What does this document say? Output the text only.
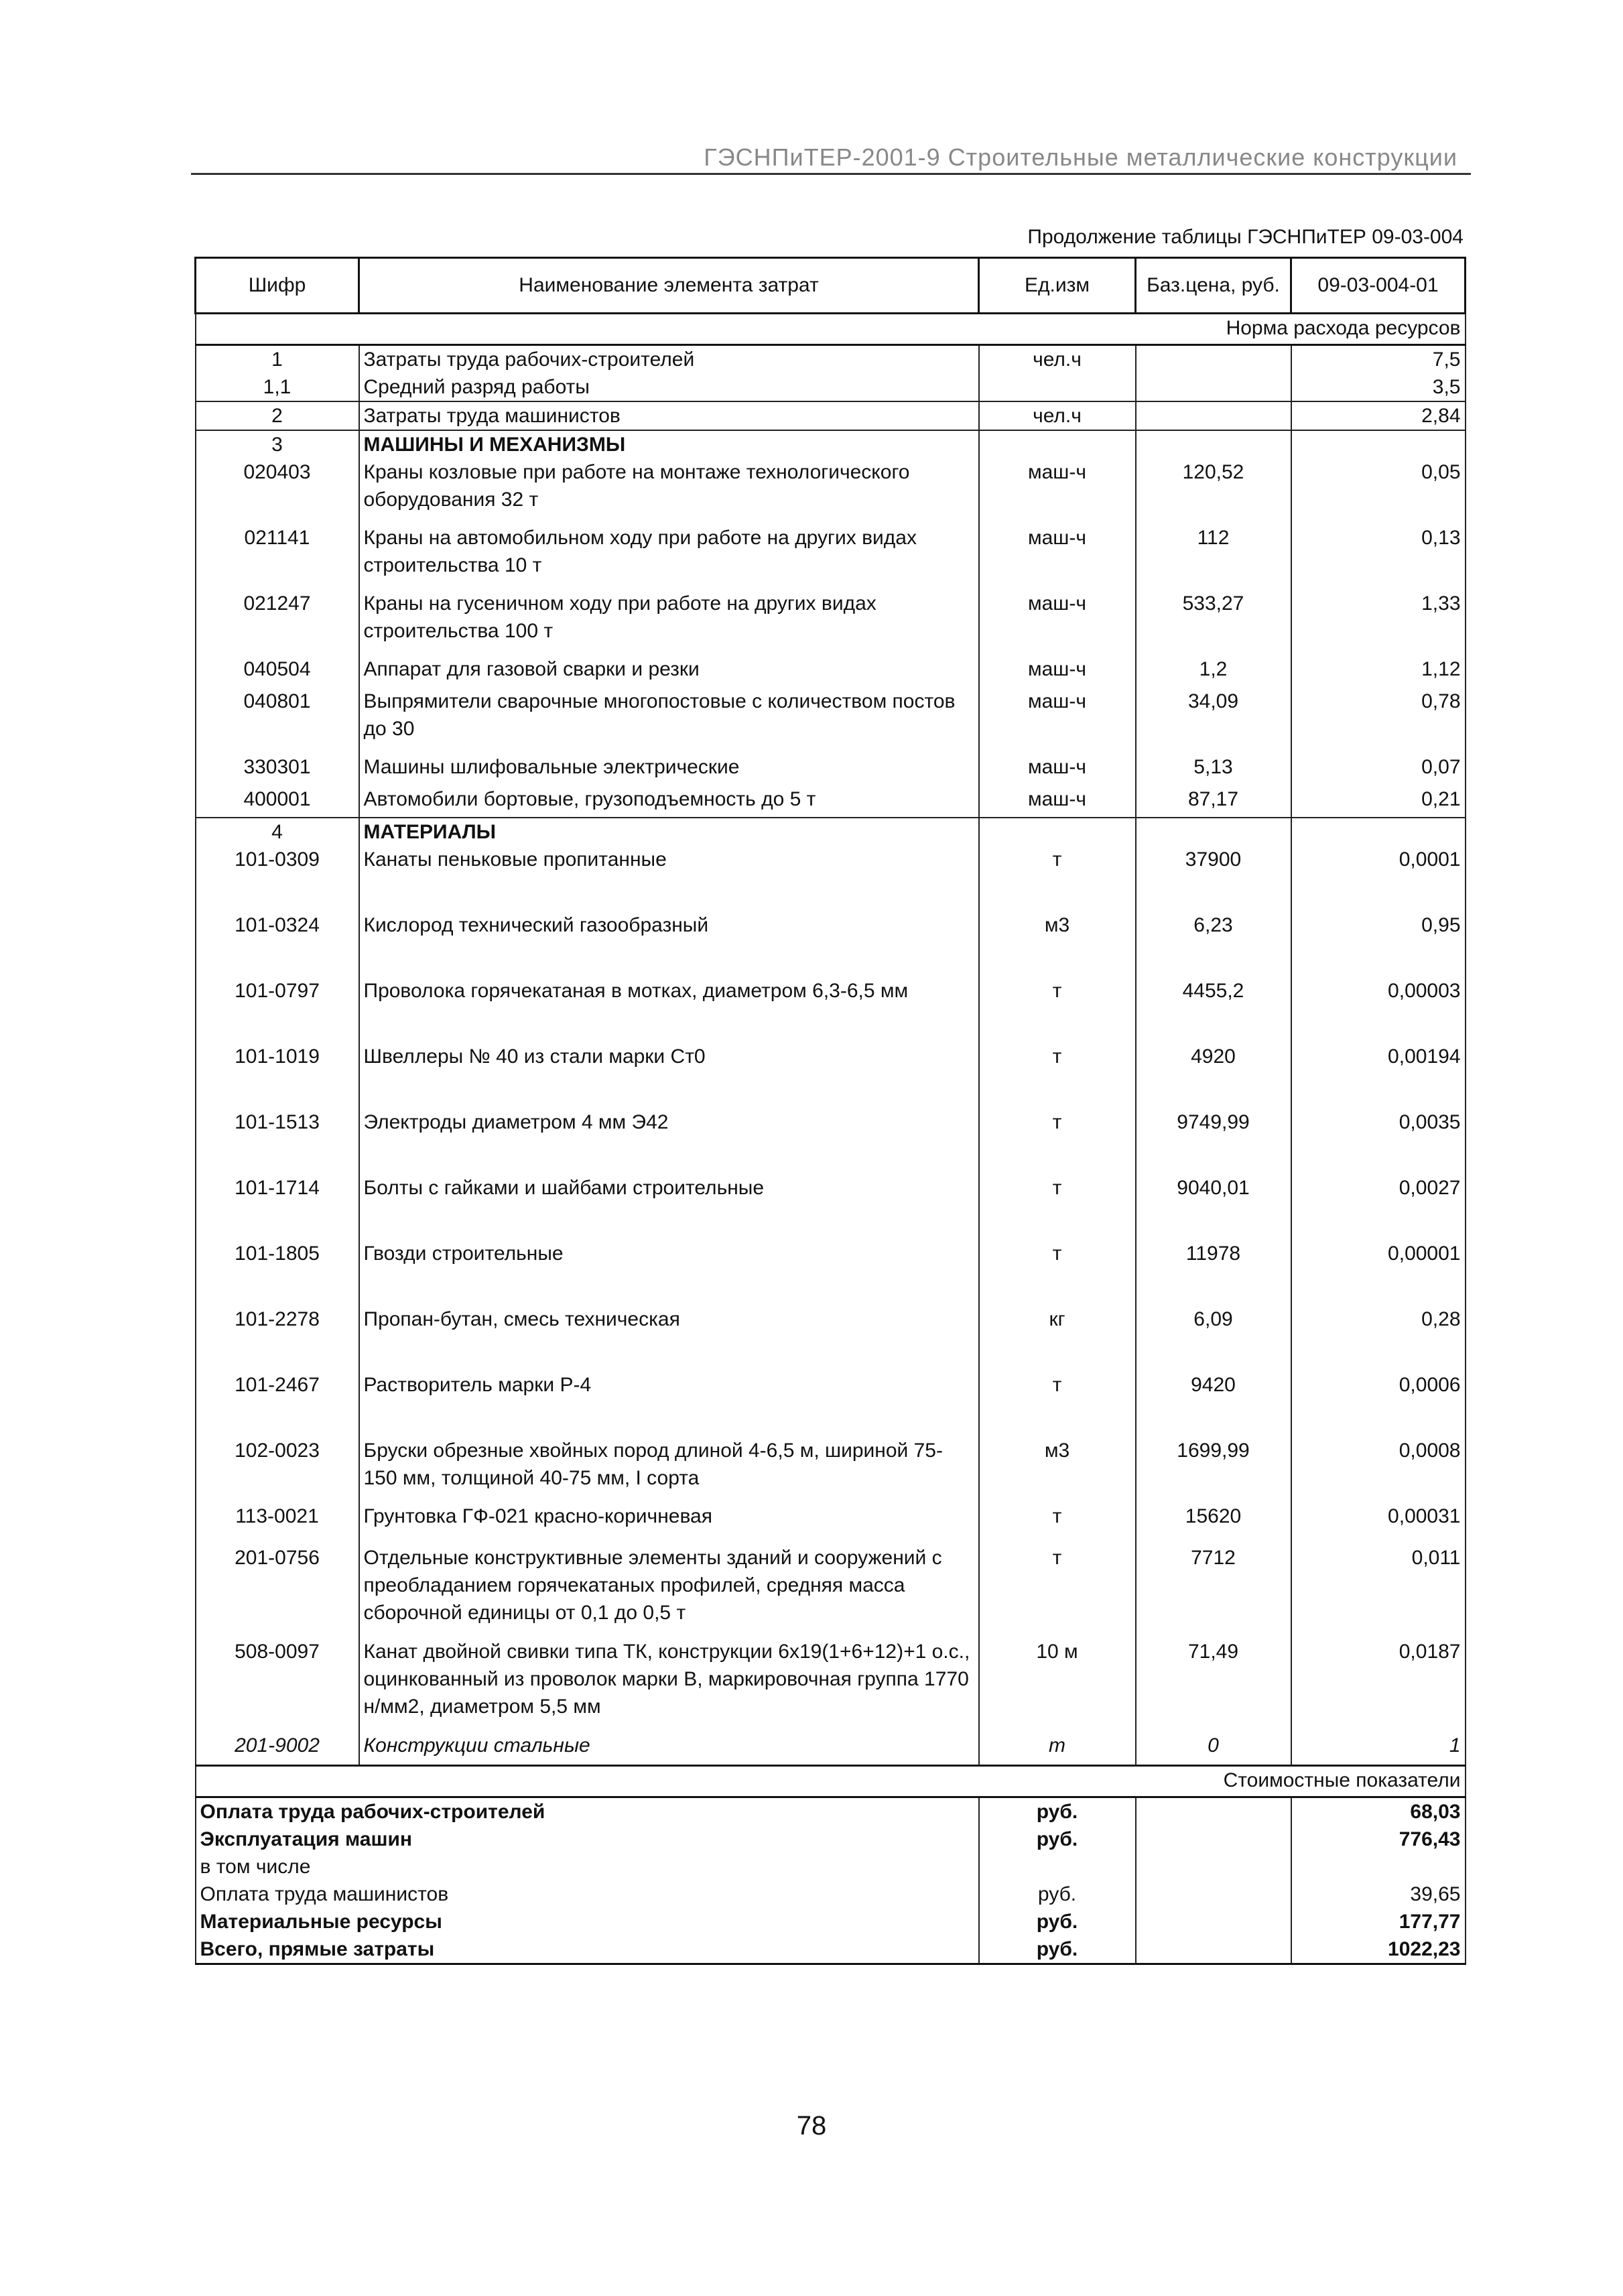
ГЭСНПиТЕР-2001-9 Строительные металлические конструкции
Продолжение таблицы ГЭСНПиТЕР 09-03-004
Шифр	Наименование элемента затрат	Ед.изм	Баз.цена, руб.	09-03-004-01
Норма расхода ресурсов				
1	Затраты труда рабочих-строителей	чел.ч		7,5
1,1	Средний разряд работы			3,5
2	Затраты труда машинистов	чел.ч		2,84
3	МАШИНЫ И МЕХАНИЗМЫ			
020403	Краны козловые при работе на монтаже технологического оборудования 32 т	маш-ч	120,52	0,05
021141	Краны на автомобильном ходу при работе на других видах строительства 10 т	маш-ч	112	0,13
021247	Краны на гусеничном ходу при работе на других видах строительства 100 т	маш-ч	533,27	1,33
040504	Аппарат для газовой сварки и резки	маш-ч	1,2	1,12
040801	Выпрямители сварочные многопостовые с количеством постов до 30	маш-ч	34,09	0,78
330301	Машины шлифовальные электрические	маш-ч	5,13	0,07
400001	Автомобили бортовые, грузоподъемность до 5 т	маш-ч	87,17	0,21
4	МАТЕРИАЛЫ			
101-0309	Канаты пеньковые пропитанные	т	37900	0,0001
101-0324	Кислород технический газообразный	м3	6,23	0,95
101-0797	Проволока горячекатаная в мотках, диаметром 6,3-6,5 мм	т	4455,2	0,00003
101-1019	Швеллеры № 40 из стали марки Ст0	т	4920	0,00194
101-1513	Электроды диаметром 4 мм Э42	т	9749,99	0,0035
101-1714	Болты с гайками и шайбами строительные	т	9040,01	0,0027
101-1805	Гвозди строительные	т	11978	0,00001
101-2278	Пропан-бутан, смесь техническая	кг	6,09	0,28
101-2467	Растворитель марки Р-4	т	9420	0,0006
102-0023	Бруски обрезные хвойных пород длиной 4-6,5 м, шириной 75-150 мм, толщиной 40-75 мм, I сорта	м3	1699,99	0,0008
113-0021	Грунтовка ГФ-021 красно-коричневая	т	15620	0,00031
201-0756	Отдельные конструктивные элементы зданий и сооружений с преобладанием горячекатаных профилей, средняя масса сборочной единицы от 0,1 до 0,5 т	т	7712	0,011
508-0097	Канат двойной свивки типа ТК, конструкции 6х19(1+6+12)+1 о.с., оцинкованный из проволок марки В, маркировочная группа 1770 н/мм2, диаметром 5,5 мм	10 м	71,49	0,0187
201-9002	Конструкции стальные	т	0	1
Стоимостные показатели				
Оплата труда рабочих-строителей		руб.		68,03
Эксплуатация машин		руб.		776,43
в том числе				
Оплата труда машинистов		руб.		39,65
Материальные ресурсы		руб.		177,77
Всего, прямые затраты		руб.		1022,23
78
